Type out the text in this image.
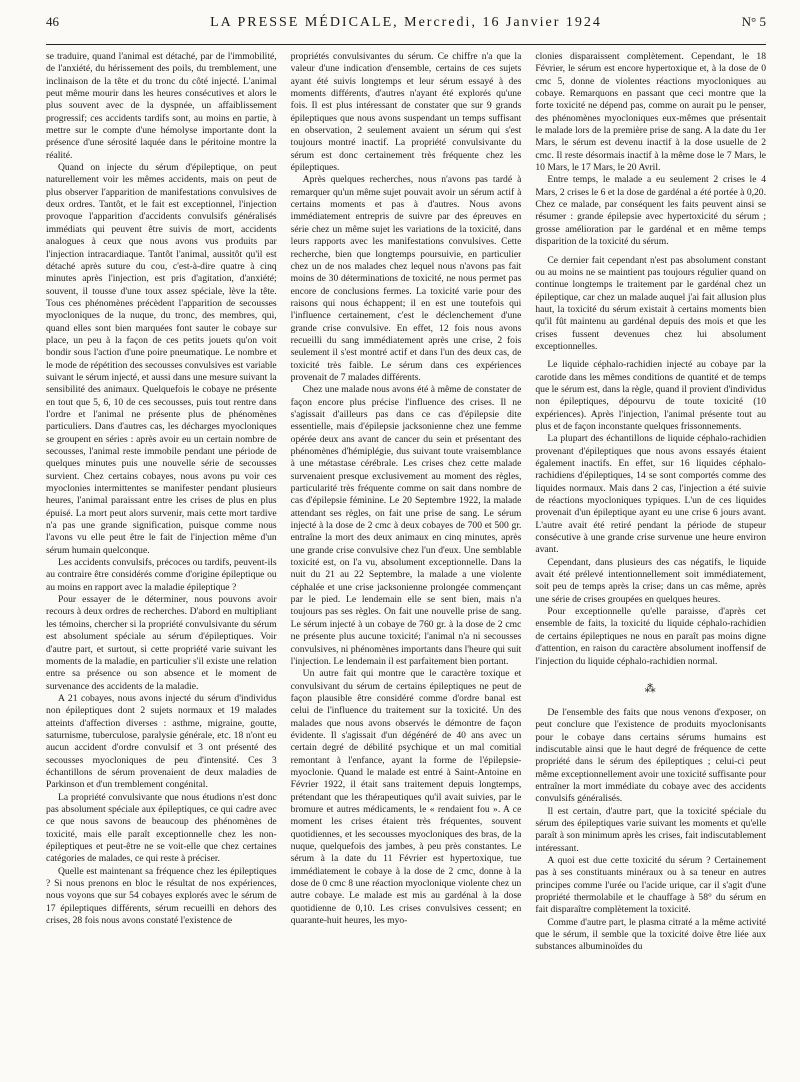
46	LA PRESSE MÉDICALE, Mercredi, 16 Janvier 1924	N° 5

se traduire, quand l'animal est détaché, par de l'immobilité, de l'anxiété, du hérissement des poils, du tremblement, une inclinaison de la tête et du tronc du côté injecté. L'animal peut même mourir dans les heures consécutives et alors le plus souvent avec de la dyspnée, un affaiblissement progressif; ces accidents tardifs sont, au moins en partie, à mettre sur le compte d'une hémolyse importante dont la présence d'une sérosité laquée dans le péritoine montre la réalité.

Quand on injecte du sérum d'épileptique, on peut naturellement voir les mêmes accidents, mais on peut de plus observer l'apparition de manifestations convulsives de deux ordres. Tantôt, et le fait est exceptionnel, l'injection provoque l'apparition d'accidents convulsifs généralisés immédiats qui peuvent être suivis de mort, accidents analogues à ceux que nous avons vus produits par l'injection intracardiaque. Tantôt l'animal, aussitôt qu'il est détaché après suture du cou, c'est-à-dire quatre à cinq minutes après l'injection, est pris d'agitation, d'anxiété; souvent, il tousse d'une toux assez spéciale, lève la tête. Tous ces phénomènes précèdent l'apparition de secousses myocloniques de la nuque, du tronc, des membres, qui, quand elles sont bien marquées font sauter le cobaye sur place, un peu à la façon de ces petits jouets qu'on voit bondir sous l'action d'une poire pneumatique. Le nombre et le mode de répétition des secousses convulsives est variable suivant le sérum injecté, et aussi dans une mesure suivant la sensibilité des animaux. Quelquefois le cobaye ne présente en tout que 5, 6, 10 de ces secousses, puis tout rentre dans l'ordre et l'animal ne présente plus de phénomènes particuliers. Dans d'autres cas, les décharges myocloniques se groupent en séries : après avoir eu un certain nombre de secousses, l'animal reste immobile pendant une période de quelques minutes puis une nouvelle série de secousses survient. Chez certains cobayes, nous avons pu voir ces myoclonies intermittentes se manifester pendant plusieurs heures, l'animal paraissant entre les crises de plus en plus épuisé. La mort peut alors survenir, mais cette mort tardive n'a pas une grande signification, puisque comme nous l'avons vu elle peut être le fait de l'injection même d'un sérum humain quelconque.

Les accidents convulsifs, précoces ou tardifs, peuvent-ils au contraire être considérés comme d'origine épileptique ou au moins en rapport avec la maladie épileptique ?

Pour essayer de le déterminer, nous pouvons avoir recours à deux ordres de recherches. D'abord en multipliant les témoins, chercher si la propriété convulsivante du sérum est absolument spéciale au sérum d'épileptiques. Voir d'autre part, et surtout, si cette propriété varie suivant les moments de la maladie, en particulier s'il existe une relation entre sa présence ou son absence et le moment de survenance des accidents de la maladie.

A 21 cobayes, nous avons injecté du sérum d'individus non épileptiques dont 2 sujets normaux et 19 malades atteints d'affection diverses : asthme, migraine, goutte, saturnisme, tuberculose, paralysie générale, etc. 18 n'ont eu aucun accident d'ordre convulsif et 3 ont présenté des secousses myocloniques de peu d'intensité. Ces 3 échantillons de sérum provenaient de deux maladies de Parkinson et d'un tremblement congénital.

La propriété convulsivante que nous étudions n'est donc pas absolument spéciale aux épileptiques, ce qui cadre avec ce que nous savons de beaucoup des phénomènes de toxicité, mais elle paraît exceptionnelle chez les non-épileptiques et peut-être ne se voit-elle que chez certaines catégories de malades, ce qui reste à préciser.

Quelle est maintenant sa fréquence chez les épileptiques ? Si nous prenons en bloc le résultat de nos expériences, nous voyons que sur 54 cobayes explorés avec le sérum de 17 épileptiques différents, sérum recueilli en dehors des crises, 28 fois nous avons constaté l'existence de

propriétés convulsivantes du sérum. Ce chiffre n'a que la valeur d'une indication d'ensemble, certains de ces sujets ayant été suivis longtemps et leur sérum essayé à des moments différents, d'autres n'ayant été explorés qu'une fois. Il est plus intéressant de constater que sur 9 grands épileptiques que nous avons suspendant un temps suffisant en observation, 2 seulement avaient un sérum qui s'est toujours montré inactif. La propriété convulsivante du sérum est donc certainement très fréquente chez les épileptiques.

Après quelques recherches, nous n'avons pas tardé à remarquer qu'un même sujet pouvait avoir un sérum actif à certains moments et pas à d'autres. Nous avons immédiatement entrepris de suivre par des épreuves en série chez un même sujet les variations de la toxicité, dans leurs rapports avec les manifestations convulsives. Cette recherche, bien que longtemps poursuivie, en particulier chez un de nos malades chez lequel nous n'avons pas fait moins de 30 déterminations de toxicité, ne nous permet pas encore de conclusions fermes. La toxicité varie pour des raisons qui nous échappent; il en est une toutefois qui l'influence certainement, c'est le déclenchement d'une grande crise convulsive. En effet, 12 fois nous avons recueilli du sang immédiatement après une crise, 2 fois seulement il s'est montré actif et dans l'un des deux cas, de toxicité très faible. Le sérum dans ces expériences provenait de 7 malades différents.

Chez une malade nous avons été à même de constater de façon encore plus précise l'influence des crises. Il ne s'agissait d'ailleurs pas dans ce cas d'épilepsie dite essentielle, mais d'épilepsie jacksonienne chez une femme opérée deux ans avant de cancer du sein et présentant des phénomènes d'hémiplégie, dus suivant toute vraisemblance à une métastase cérébrale. Les crises chez cette malade survenaient presque exclusivement au moment des règles, particularité très fréquente comme on sait dans nombre de cas d'épilepsie féminine. Le 20 Septembre 1922, la malade attendant ses règles, on fait une prise de sang. Le sérum injecté à la dose de 2 cmc à deux cobayes de 700 et 500 gr. entraîne la mort des deux animaux en cinq minutes, après une grande crise convulsive chez l'un d'eux. Une semblable toxicité est, on l'a vu, absolument exceptionnelle. Dans la nuit du 21 au 22 Septembre, la malade a une violente céphalée et une crise jacksonienne prolongée commençant par le pied. Le lendemain elle se sent bien, mais n'a toujours pas ses règles. On fait une nouvelle prise de sang. Le sérum injecté à un cobaye de 760 gr. à la dose de 2 cmc ne présente plus aucune toxicité; l'animal n'a ni secousses convulsives, ni phénomènes importants dans l'heure qui suit l'injection. Le lendemain il est parfaitement bien portant.

Un autre fait qui montre que le caractère toxique et convulsivant du sérum de certains épileptiques ne peut de façon plausible être considéré comme d'ordre banal est celui de l'influence du traitement sur la toxicité. Un des malades que nous avons observés le démontre de façon évidente. Il s'agissait d'un dégénéré de 40 ans avec un certain degré de débilité psychique et un mal comitial remontant à l'enfance, ayant la forme de l'épilepsie-myoclonie. Quand le malade est entré à Saint-Antoine en Février 1922, il était sans traitement depuis longtemps, prétendant que les thérapeutiques qu'il avait suivies, par le bromure et autres médicaments, le « rendaient fou ». A ce moment les crises étaient très fréquentes, souvent quotidiennes, et les secousses myocloniques des bras, de la nuque, quelquefois des jambes, à peu près constantes. Le sérum à la date du 11 Février est hypertoxique, tue immédiatement le cobaye à la dose de 2 cmc, donne à la dose de 0 cmc 8 une réaction myoclonique violente chez un autre cobaye. Le malade est mis au gardénal à la dose quotidienne de 0,10. Les crises convulsives cessent; en quarante-huit heures, les myo-

clonies disparaissent complètement. Cependant, le 18 Février, le sérum est encore hypertoxique et, à la dose de 0 cmc 5, donne de violentes réactions myocloniques au cobaye. Remarquons en passant que ceci montre que la forte toxicité ne dépend pas, comme on aurait pu le penser, des phénomènes myocloniques eux-mêmes que présentait le malade lors de la première prise de sang. A la date du 1er Mars, le sérum est devenu inactif à la dose usuelle de 2 cmc. Il reste désormais inactif à la même dose le 7 Mars, le 10 Mars, le 17 Mars, le 20 Avril.

Entre temps, le malade a eu seulement 2 crises le 4 Mars, 2 crises le 6 et la dose de gardénal a été portée à 0,20. Chez ce malade, par conséquent les faits peuvent ainsi se résumer : grande épilepsie avec hypertoxicité du sérum ; grosse amélioration par le gardénal et en même temps disparition de la toxicité du sérum.

Ce dernier fait cependant n'est pas absolument constant ou au moins ne se maintient pas toujours régulier quand on continue longtemps le traitement par le gardénal chez un épileptique, car chez un malade auquel j'ai fait allusion plus haut, la toxicité du sérum existait à certains moments bien qu'il fût maintenu au gardénal depuis des mois et que les crises fussent devenues chez lui absolument exceptionnelles.

Le liquide céphalo-rachidien injecté au cobaye par la carotide dans les mêmes conditions de quantité et de temps que le sérum est, dans la règle, quand il provient d'individus non épileptiques, dépourvu de toute toxicité (10 expériences). Après l'injection, l'animal présente tout au plus et de façon inconstante quelques frissonnements.

La plupart des échantillons de liquide céphalo-rachidien provenant d'épileptiques que nous avons essayés étaient également inactifs. En effet, sur 16 liquides céphalo-rachidiens d'épileptiques, 14 se sont comportés comme des liquides normaux. Mais dans 2 cas, l'injection a été suivie de réactions myocloniques typiques. L'un de ces liquides provenait d'un épileptique ayant eu une crise 6 jours avant. L'autre avait été retiré pendant la période de stupeur consécutive à une grande crise survenue une heure environ avant.

Cependant, dans plusieurs des cas négatifs, le liquide avait été prélevé intentionnellement soit immédiatement, soit peu de temps après la crise; dans un cas même, après une série de crises groupées en quelques heures.

Pour exceptionnelle qu'elle paraisse, d'après cet ensemble de faits, la toxicité du liquide céphalo-rachidien de certains épileptiques ne nous en paraît pas moins digne d'attention, en raison du caractère absolument inoffensif de l'injection du liquide céphalo-rachidien normal.

⁂

De l'ensemble des faits que nous venons d'exposer, on peut conclure que l'existence de produits myoclonisants pour le cobaye dans certains sérums humains est indiscutable ainsi que le haut degré de fréquence de cette propriété dans le sérum des épileptiques ; celui-ci peut même exceptionnellement avoir une toxicité suffisante pour entraîner la mort immédiate du cobaye avec des accidents convulsifs généralisés.

Il est certain, d'autre part, que la toxicité spéciale du sérum des épileptiques varie suivant les moments et qu'elle paraît à son minimum après les crises, fait indiscutablement intéressant.

A quoi est due cette toxicité du sérum ? Certainement pas à ses constituants minéraux ou à sa teneur en autres principes comme l'urée ou l'acide urique, car il s'agit d'une propriété thermolabile et le chauffage à 58° du sérum en fait disparaître complètement la toxicité.

Comme d'autre part, le plasma citraté a la même activité que le sérum, il semble que la toxicité doive être liée aux substances albuminoïdes du
